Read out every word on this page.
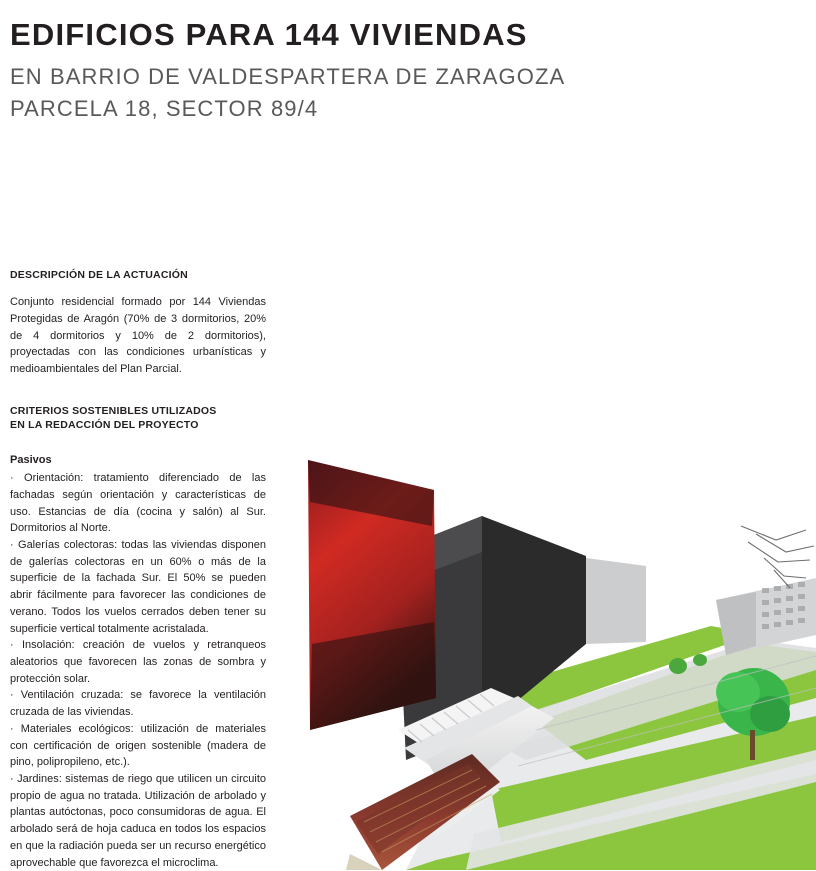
EDIFICIOS PARA 144 VIVIENDAS
EN BARRIO DE VALDESPARTERA DE ZARAGOZA
PARCELA 18, SECTOR 89/4
DESCRIPCIÓN DE LA ACTUACIÓN

Conjunto residencial formado por 144 Viviendas Protegidas de Aragón (70% de 3 dormitorios, 20% de 4 dormitorios y 10% de 2 dormitorios), proyectadas con las condiciones urbanísticas y medioambientales del Plan Parcial.

CRITERIOS SOSTENIBLES UTILIZADOS
EN LA REDACCIÓN DEL PROYECTO
Pasivos

· Orientación: tratamiento diferenciado de las fachadas según orientación y características de uso. Estancias de día (cocina y salón) al Sur. Dormitorios al Norte.

· Galerías colectoras: todas las viviendas disponen de galerías colectoras en un 60% o más de la superficie de la fachada Sur. El 50% se pueden abrir fácilmente para favorecer las condiciones de verano. Todos los vuelos cerrados deben tener su superficie vertical totalmente acristalada.

· Insolación: creación de vuelos y retranqueos aleatorios que favorecen las zonas de sombra y protección solar.

· Ventilación cruzada: se favorece la ventilación cruzada de las viviendas.

· Materiales ecológicos: utilización de materiales con certificación de origen sostenible (madera de pino, polipropileno, etc.).

· Jardines: sistemas de riego que utilicen un circuito propio de agua no tratada. Utilización de arbolado y plantas autóctonas, poco consumidoras de agua. El arbolado será de hoja caduca en todos los espacios en que la radiación pueda ser un recurso energético aprovechable que favorezca el microclima.
